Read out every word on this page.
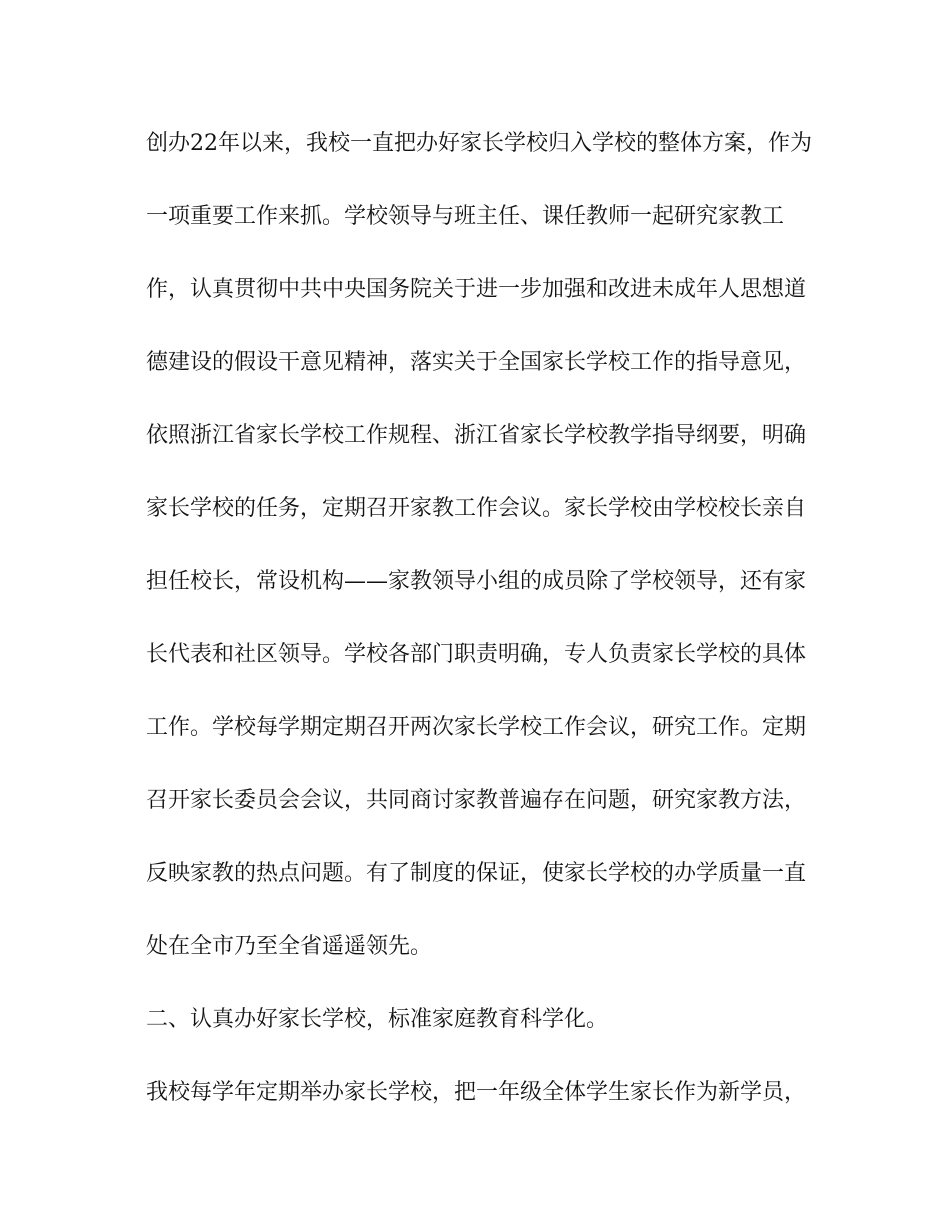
创办22年以来，我校一直把办好家长学校归入学校的整体方案，作为
一项重要工作来抓。学校领导与班主任、课任教师一起研究家教工
作，认真贯彻中共中央国务院关于进一步加强和改进未成年人思想道
德建设的假设干意见精神，落实关于全国家长学校工作的指导意见，
依照浙江省家长学校工作规程、浙江省家长学校教学指导纲要，明确
家长学校的任务，定期召开家教工作会议。家长学校由学校校长亲自
担任校长，常设机构——家教领导小组的成员除了学校领导，还有家
长代表和社区领导。学校各部门职责明确，专人负责家长学校的具体
工作。学校每学期定期召开两次家长学校工作会议，研究工作。定期
召开家长委员会会议，共同商讨家教普遍存在问题，研究家教方法，
反映家教的热点问题。有了制度的保证，使家长学校的办学质量一直
处在全市乃至全省遥遥领先。
二、认真办好家长学校，标准家庭教育科学化。
我校每学年定期举办家长学校，把一年级全体学生家长作为新学员，
